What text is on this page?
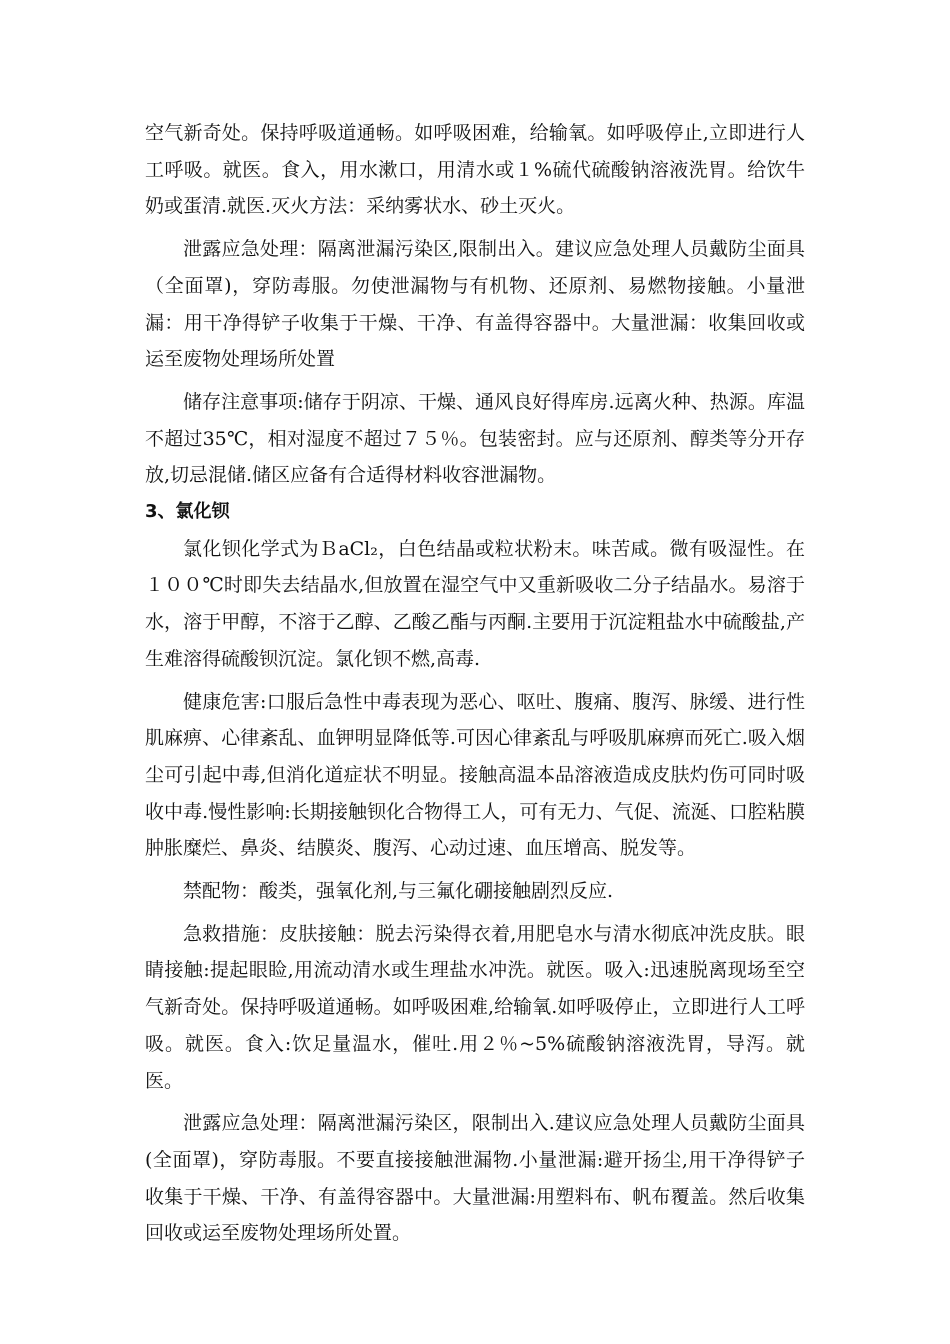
空气新奇处。保持呼吸道通畅。如呼吸困难，给输氧。如呼吸停止,立即进行人工呼吸。就医。食入，用水漱口，用清水或１%硫代硫酸钠溶液洗胃。给饮牛奶或蛋清.就医.灭火方法：采纳雾状水、砂土灭火。

泄露应急处理：隔离泄漏污染区,限制出入。建议应急处理人员戴防尘面具（全面罩)，穿防毒服。勿使泄漏物与有机物、还原剂、易燃物接触。小量泄漏：用干净得铲子收集于干燥、干净、有盖得容器中。大量泄漏：收集回收或运至废物处理场所处置

储存注意事项:储存于阴凉、干燥、通风良好得库房.远离火种、热源。库温不超过35℃，相对湿度不超过７５％。包装密封。应与还原剂、醇类等分开存放,切忌混储.储区应备有合适得材料收容泄漏物。

3、氯化钡

氯化钡化学式为ＢaCl₂，白色结晶或粒状粉末。味苦咸。微有吸湿性。在１００℃时即失去结晶水,但放置在湿空气中又重新吸收二分子结晶水。易溶于水，溶于甲醇，不溶于乙醇、乙酸乙酯与丙酮.主要用于沉淀粗盐水中硫酸盐,产生难溶得硫酸钡沉淀。氯化钡不燃,高毒.

健康危害:口服后急性中毒表现为恶心、呕吐、腹痛、腹泻、脉缓、进行性肌麻痹、心律紊乱、血钾明显降低等.可因心律紊乱与呼吸肌麻痹而死亡.吸入烟尘可引起中毒,但消化道症状不明显。接触高温本品溶液造成皮肤灼伤可同时吸收中毒.慢性影响:长期接触钡化合物得工人，可有无力、气促、流涎、口腔粘膜肿胀糜烂、鼻炎、结膜炎、腹泻、心动过速、血压增高、脱发等。

禁配物：酸类，强氧化剂,与三氟化硼接触剧烈反应.

急救措施：皮肤接触：脱去污染得衣着,用肥皂水与清水彻底冲洗皮肤。眼睛接触:提起眼睑,用流动清水或生理盐水冲洗。就医。吸入:迅速脱离现场至空气新奇处。保持呼吸道通畅。如呼吸困难,给输氧.如呼吸停止，立即进行人工呼吸。就医。食入:饮足量温水，催吐.用２％~5%硫酸钠溶液洗胃，导泻。就医。

泄露应急处理：隔离泄漏污染区，限制出入.建议应急处理人员戴防尘面具(全面罩)，穿防毒服。不要直接接触泄漏物.小量泄漏:避开扬尘,用干净得铲子收集于干燥、干净、有盖得容器中。大量泄漏:用塑料布、帆布覆盖。然后收集回收或运至废物处理场所处置。
